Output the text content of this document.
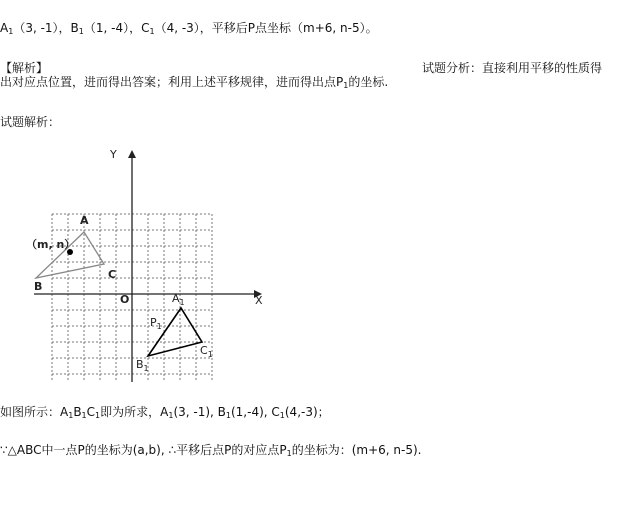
$A_1(3$, -1），$B_1(1$, -4），$C_1(4$, -3），平移后P点坐标（m+6, n-5）。
【解析】	试题分析：直接利用平移的性质得
出对应点位置，进而得出答案；利用上述平移规律，进而得出点$P_1$的坐标.
试题解析：
Y
X
O
A
B
C
（m, n）
$A_1$
$B_1$
$C_1$
$P_1$
如图所示：$A_1B_1C_1$即为所求，$A_1(3$, -1), $B_1(1,-4)$, $C_1(4,-3)$；
∵△ABC中一点P的坐标为(a,b), ∴平移后点P的对应点$P_1$的坐标为：(m+6, n-5).
